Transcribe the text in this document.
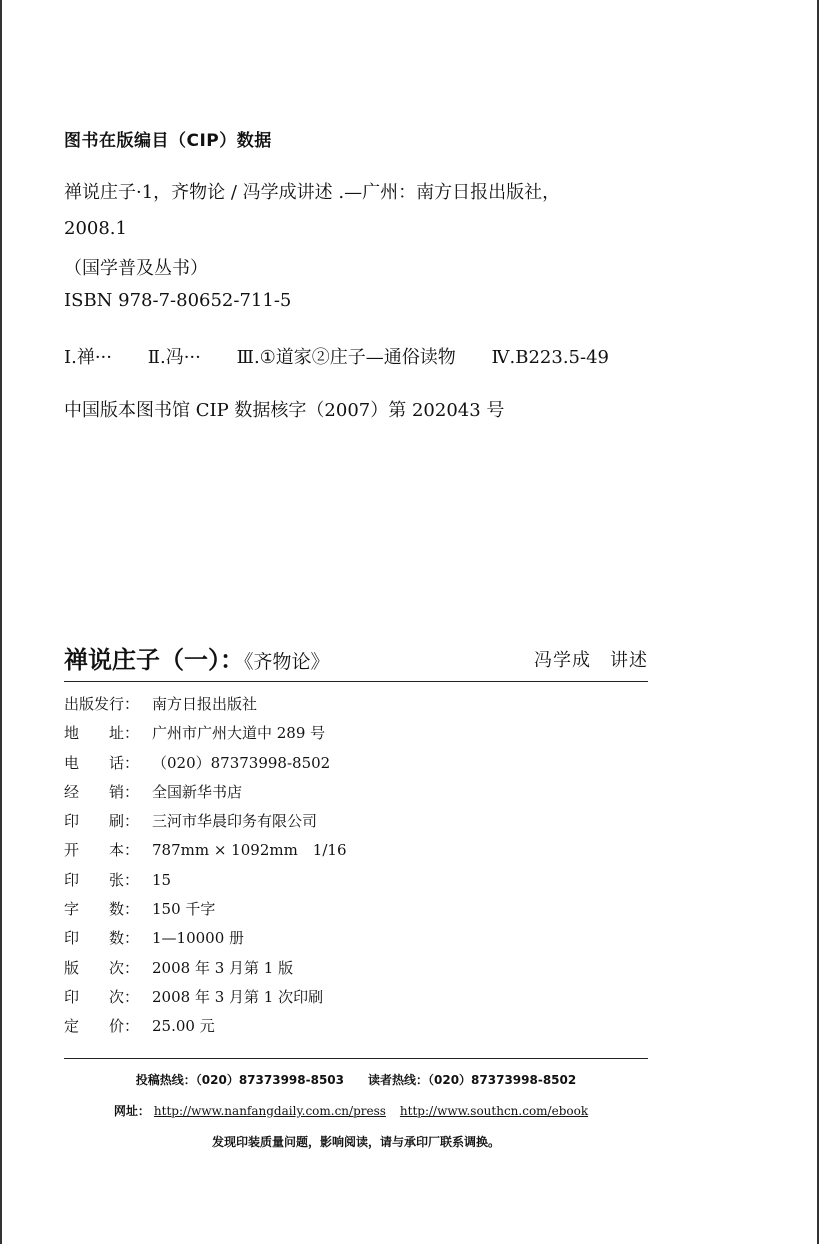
图书在版编目（CIP）数据
禅说庄子·1，齐物论 / 冯学成讲述 .—广州：南方日报出版社，
2008.1
（国学普及丛书）
ISBN 978-7-80652-711-5
Ⅰ.禅··· Ⅱ.冯··· Ⅲ.①道家②庄子—通俗读物 Ⅳ.B223.5-49
中国版本图书馆 CIP 数据核字（2007）第 202043 号
禅说庄子（一）：《齐物论》	冯学成　讲述
出版发行： 南方日报出版社
地　　址： 广州市广州大道中 289 号
电　　话： （020）87373998-8502
经　　销： 全国新华书店
印　　刷： 三河市华晨印务有限公司
开　　本： 787mm × 1092mm　1/16
印　　张： 15
字　　数： 150 千字
印　　数： 1—10000 册
版　　次： 2008 年 3 月第 1 版
印　　次： 2008 年 3 月第 1 次印刷
定　　价： 25.00 元
投稿热线：（020）87373998-8503　　读者热线：（020）87373998-8502
网址： http://www.nanfangdaily.com.cn/press http://www.southcn.com/ebook
发现印装质量问题，影响阅读，请与承印厂联系调换。
